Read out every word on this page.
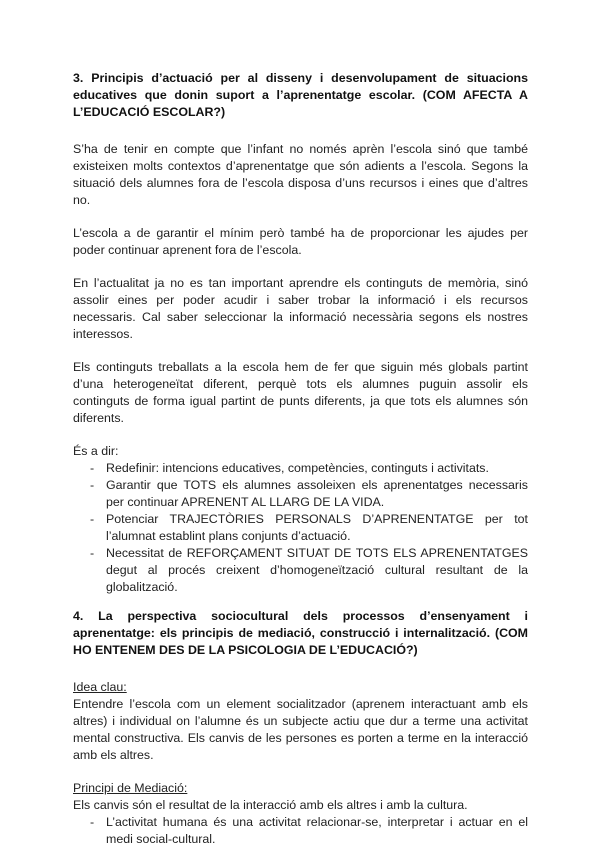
3. Principis d’actuació per al disseny i desenvolupament de situacions educatives que donin suport a l’aprenentatge escolar. (COM AFECTA A L’EDUCACIÓ ESCOLAR?)

S’ha de tenir en compte que l’infant no només aprèn l’escola sinó que també existeixen molts contextos d’aprenentatge que són adients a l’escola. Segons la situació dels alumnes fora de l’escola disposa d’uns recursos i eines que d’altres no.

L’escola a de garantir el mínim però també ha de proporcionar les ajudes per poder continuar aprenent fora de l’escola.

En l’actualitat ja no es tan important aprendre els continguts de memòria, sinó assolir eines per poder acudir i saber trobar la informació i els recursos necessaris. Cal saber seleccionar la informació necessària segons els nostres interessos.

Els continguts treballats a la escola hem de fer que siguin més globals partint d’una heterogeneïtat diferent, perquè tots els alumnes puguin assolir els continguts de forma igual partint de punts diferents, ja que tots els alumnes són diferents.

És a dir:

- Redefinir: intencions educatives, competències, continguts i activitats.
- Garantir que TOTS els alumnes assoleixen els aprenentatges necessaris per continuar APRENENT AL LLARG DE LA VIDA.
- Potenciar TRAJECTÒRIES PERSONALS D’APRENENTATGE per tot l’alumnat establint plans conjunts d’actuació.
- Necessitat de REFORÇAMENT SITUAT DE TOTS ELS APRENENTATGES degut al procés creixent d’homogeneïtzació cultural resultant de la globalització.

4. La perspectiva sociocultural dels processos d’ensenyament i aprenentatge: els principis de mediació, construcció i internalització. (COM HO ENTENEM DES DE LA PSICOLOGIA DE L’EDUCACIÓ?)

Idea clau:

Entendre l’escola com un element socialitzador (aprenem interactuant amb els altres) i individual on l’alumne és un subjecte actiu que dur a terme una activitat mental constructiva. Els canvis de les persones es porten a terme en la interacció amb els altres.

Principi de Mediació:

Els canvis són el resultat de la interacció amb els altres i amb la cultura.

- L’activitat humana és una activitat relacionar-se, interpretar i actuar en el medi social-cultural.
